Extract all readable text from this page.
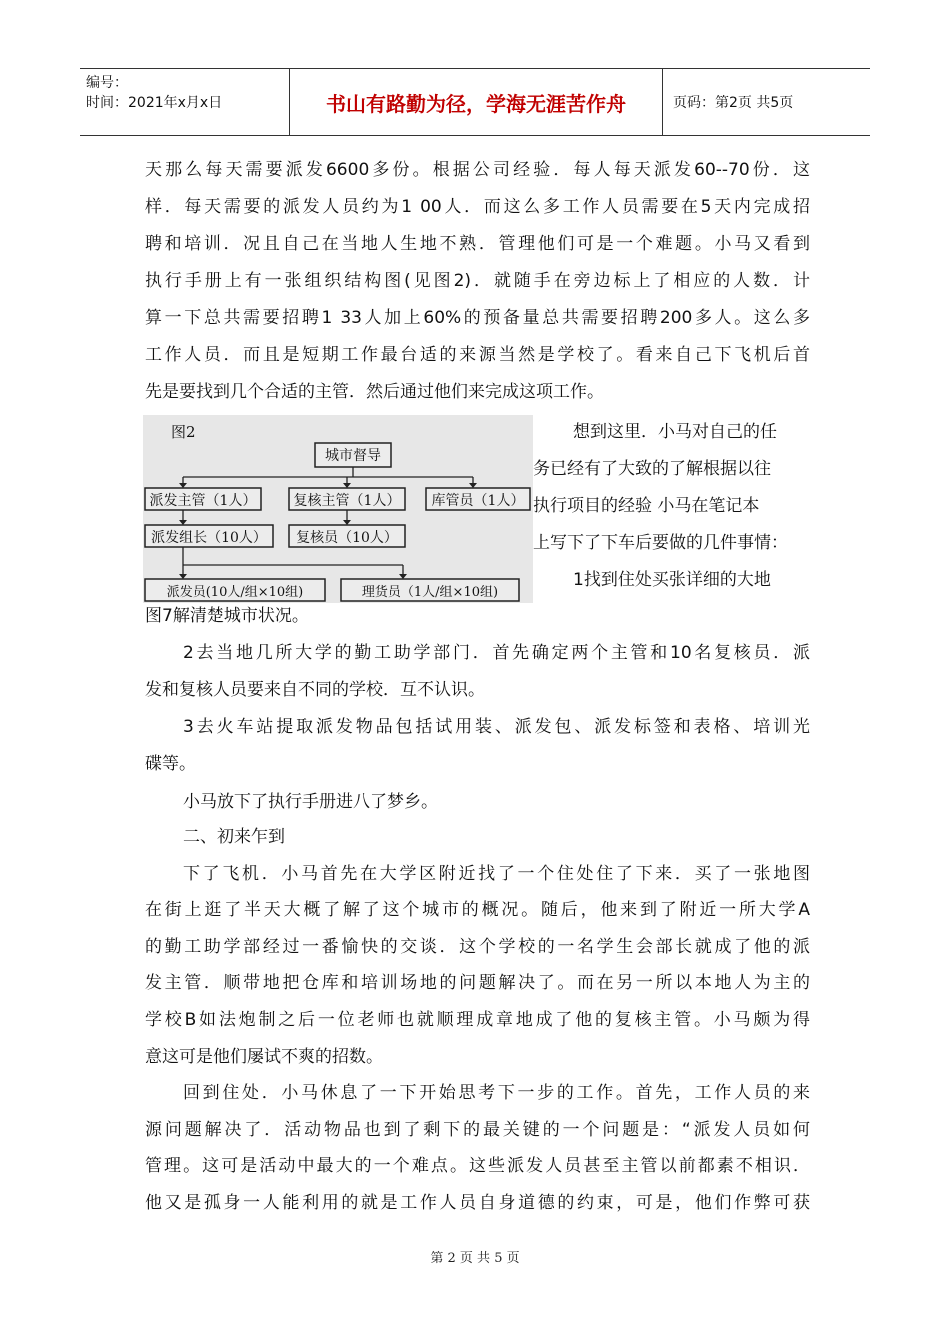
编号：
时间：2021年x月x日	书山有路勤为径，学海无涯苦作舟	页码：第2页 共5页
天那么每天需要派发6600多份。根据公司经验．每人每天派发60--70份．这
样．每天需要的派发人员约为1 00人．而这么多工作人员需要在5天内完成招
聘和培训．况且自己在当地人生地不熟．管理他们可是一个难题。小马又看到
执行手册上有一张组织结构图(见图2)．就随手在旁边标上了相应的人数．计
算一下总共需要招聘1 33人加上60%的预备量总共需要招聘200多人。这么多
工作人员．而且是短期工作最台适的来源当然是学校了。看来自己下飞机后首
先是要找到几个合适的主管．然后通过他们来完成这项工作。
图2
城市督导
派发主管（1人）	复核主管（1人） 库管员（1人）
派发组长（10人） 复核员（10人）
派发员(10人/组×10组)	理货员（1人/组×10组)
想到这里．小马对自己的任
务已经有了大致的了解根据以往
执行项目的经验 小马在笔记本
上写下了下车后要做的几件事情：
1找到住处买张详细的大地
图7解清楚城市状况。
2去当地几所大学的勤工助学部门．首先确定两个主管和10名复核员．派
发和复核人员要来自不同的学校．互不认识。
3去火车站提取派发物品包括试用装、派发包、派发标签和表格、培训光
碟等。
小马放下了执行手册进八了梦乡。
二、初来乍到
下了飞机．小马首先在大学区附近找了一个住处住了下来．买了一张地图
在街上逛了半天大概了解了这个城市的概况。随后，他来到了附近一所大学A
的勤工助学部经过一番愉快的交谈．这个学校的一名学生会部长就成了他的派
发主管．顺带地把仓库和培训场地的问题解决了。而在另一所以本地人为主的
学校B如法炮制之后一位老师也就顺理成章地成了他的复核主管。小马颇为得
意这可是他们屡试不爽的招数。
回到住处．小马休息了一下开始思考下一步的工作。首先，工作人员的来
源问题解决了．活动物品也到了剩下的最关键的一个问题是：“派发人员如何
管理。这可是活动中最大的一个难点。这些派发人员甚至主管以前都素不相识．
他又是孤身一人能利用的就是工作人员自身道德的约束，可是，他们作弊可获
第 2 页 共 5 页
